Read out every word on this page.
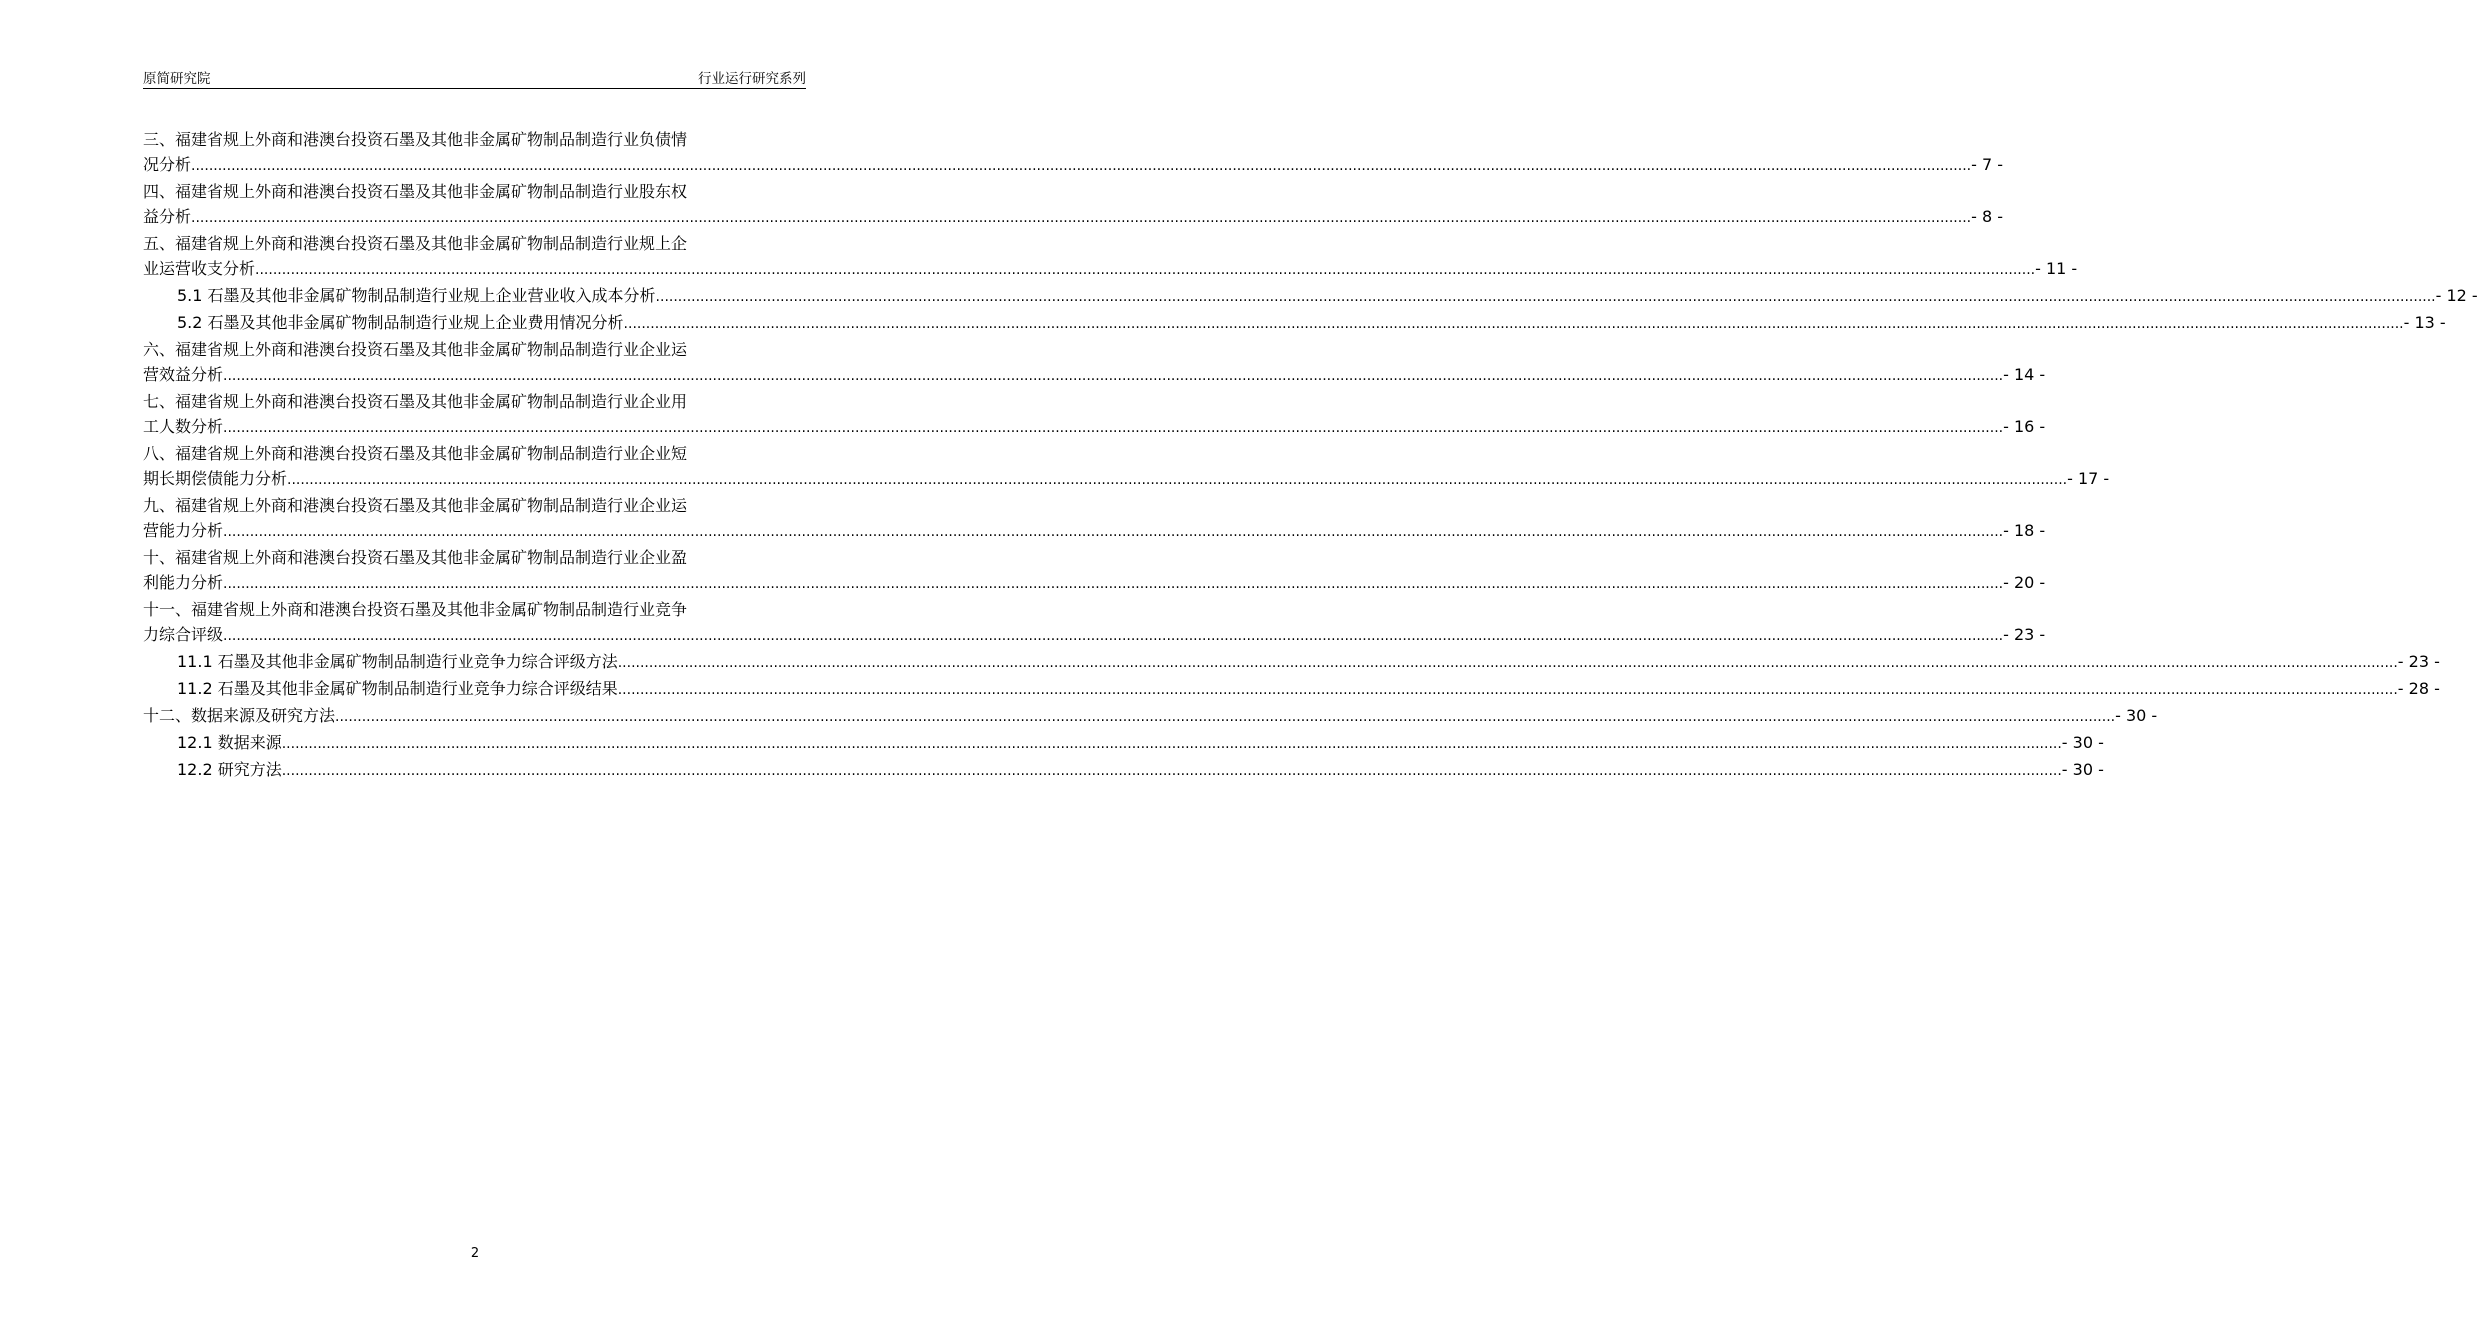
原简研究院	行业运行研究系列
三、福建省规上外商和港澳台投资石墨及其他非金属矿物制品制造行业负债情
况分析 ................................................................................................................................................................................................................................................................................................................................................................................................................ - 7 -
四、福建省规上外商和港澳台投资石墨及其他非金属矿物制品制造行业股东权
益分析 ................................................................................................................................................................................................................................................................................................................................................................................................................ - 8 -
五、福建省规上外商和港澳台投资石墨及其他非金属矿物制品制造行业规上企
业运营收支分析 ................................................................................................................................................................................................................................................................................................................................................................................................................ - 11 -
5.1 石墨及其他非金属矿物制品制造行业规上企业营业收入成本分析 ................................................................................................................................................................................................................................................................................................................................................................................................................ - 12 -
5.2 石墨及其他非金属矿物制品制造行业规上企业费用情况分析 ................................................................................................................................................................................................................................................................................................................................................................................................................ - 13 -
六、福建省规上外商和港澳台投资石墨及其他非金属矿物制品制造行业企业运
营效益分析 ................................................................................................................................................................................................................................................................................................................................................................................................................ - 14 -
七、福建省规上外商和港澳台投资石墨及其他非金属矿物制品制造行业企业用
工人数分析 ................................................................................................................................................................................................................................................................................................................................................................................................................ - 16 -
八、福建省规上外商和港澳台投资石墨及其他非金属矿物制品制造行业企业短
期长期偿债能力分析 ................................................................................................................................................................................................................................................................................................................................................................................................................ - 17 -
九、福建省规上外商和港澳台投资石墨及其他非金属矿物制品制造行业企业运
营能力分析 ................................................................................................................................................................................................................................................................................................................................................................................................................ - 18 -
十、福建省规上外商和港澳台投资石墨及其他非金属矿物制品制造行业企业盈
利能力分析 ................................................................................................................................................................................................................................................................................................................................................................................................................ - 20 -
十一、福建省规上外商和港澳台投资石墨及其他非金属矿物制品制造行业竞争
力综合评级 ................................................................................................................................................................................................................................................................................................................................................................................................................ - 23 -
11.1 石墨及其他非金属矿物制品制造行业竞争力综合评级方法 ................................................................................................................................................................................................................................................................................................................................................................................................................ - 23 -
11.2 石墨及其他非金属矿物制品制造行业竞争力综合评级结果 ................................................................................................................................................................................................................................................................................................................................................................................................................ - 28 -
十二、数据来源及研究方法 ................................................................................................................................................................................................................................................................................................................................................................................................................ - 30 -
12.1 数据来源 ................................................................................................................................................................................................................................................................................................................................................................................................................ - 30 -
12.2 研究方法 ................................................................................................................................................................................................................................................................................................................................................................................................................ - 30 -
2
